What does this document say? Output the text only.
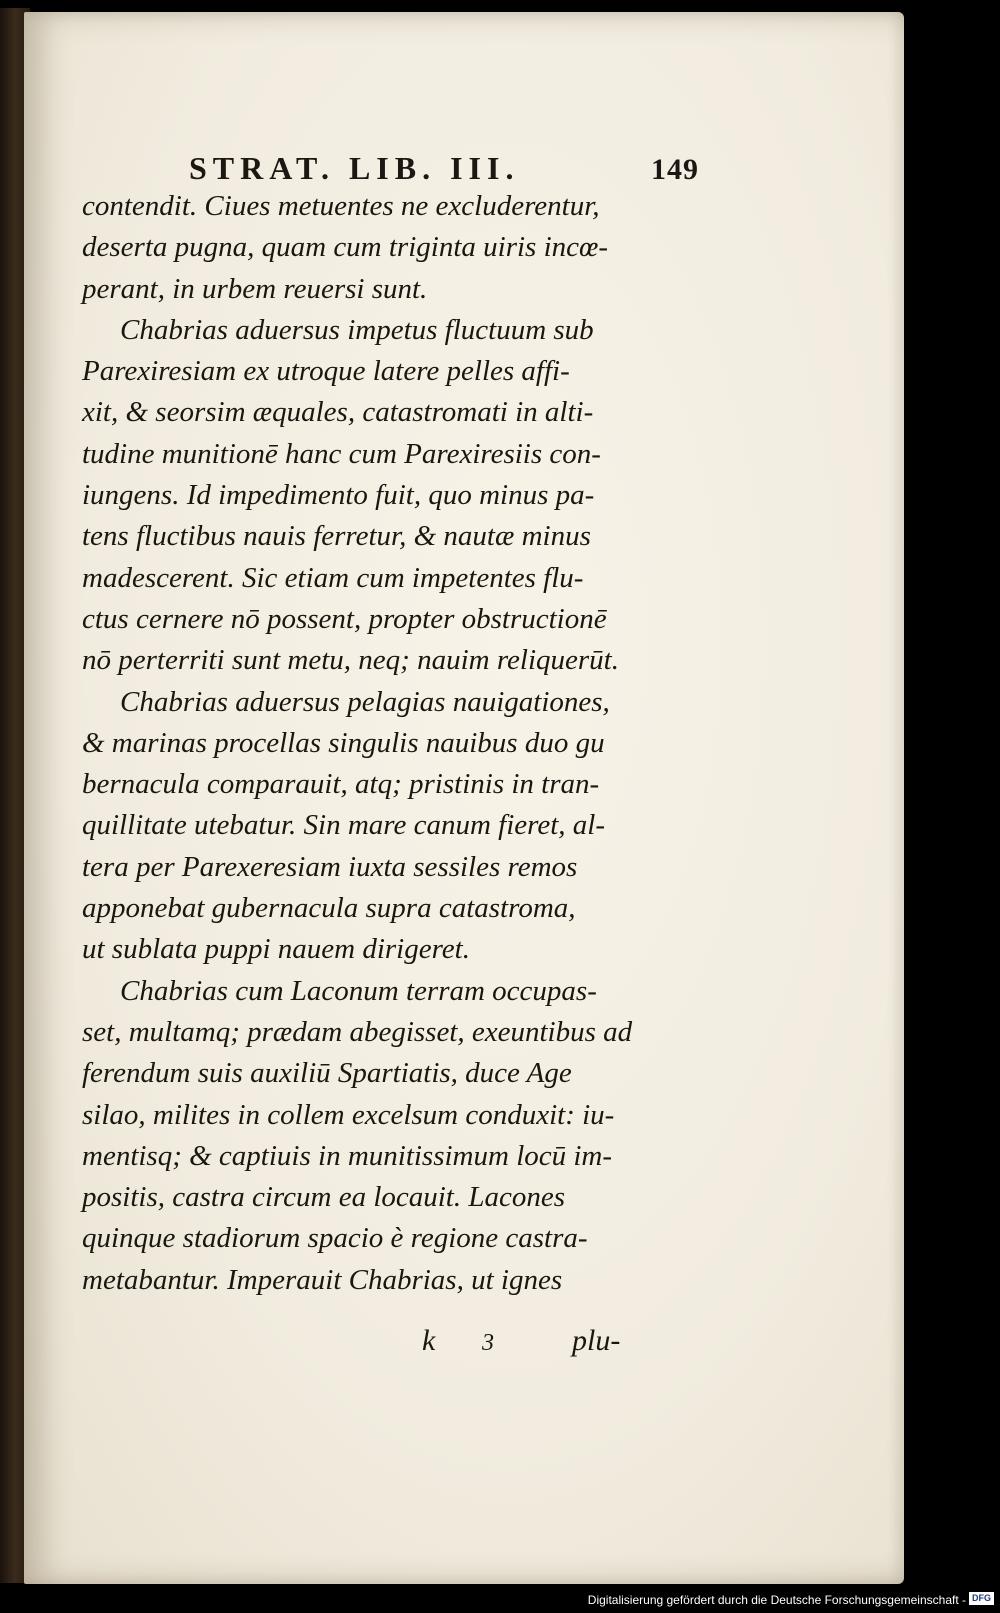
STRAT. LIB. III.	149
contendit. Ciues metuentes ne excluderentur,
deserta pugna, quam cum triginta uiris incœ-
perant, in urbem reuersi sunt.
Chabrias aduersus impetus fluctuum sub
Parexiresiam ex utroque latere pelles affi-
xit, & seorsim æquales, catastromati in alti-
tudine munitionē hanc cum Parexiresiis con-
iungens. Id impedimento fuit, quo minus pa-
tens fluctibus nauis ferretur, & nautæ minus
madescerent. Sic etiam cum impetentes flu-
ctus cernere nō possent, propter obstructionē
nō perterriti sunt metu, neq; nauim reliquerūt.
Chabrias aduersus pelagias nauigationes,
& marinas procellas singulis nauibus duo gu
bernacula comparauit, atq; pristinis in tran-
quillitate utebatur. Sin mare canum fieret, al-
tera per Parexeresiam iuxta sessiles remos
apponebat gubernacula supra catastroma,
ut sublata puppi nauem dirigeret.
Chabrias cum Laconum terram occupas-
set, multamq; prædam abegisset, exeuntibus ad
ferendum suis auxiliū Spartiatis, duce Age
silao, milites in collem excelsum conduxit: iu-
mentisq; & captiuis in munitissimum locū im-
positis, castra circum ea locauit. Lacones
quinque stadiorum spacio è regione castra-
metabantur. Imperauit Chabrias, ut ignes
k 3	plu-
Digitalisierung gefördert durch die Deutsche Forschungsgemeinschaft - DFG
